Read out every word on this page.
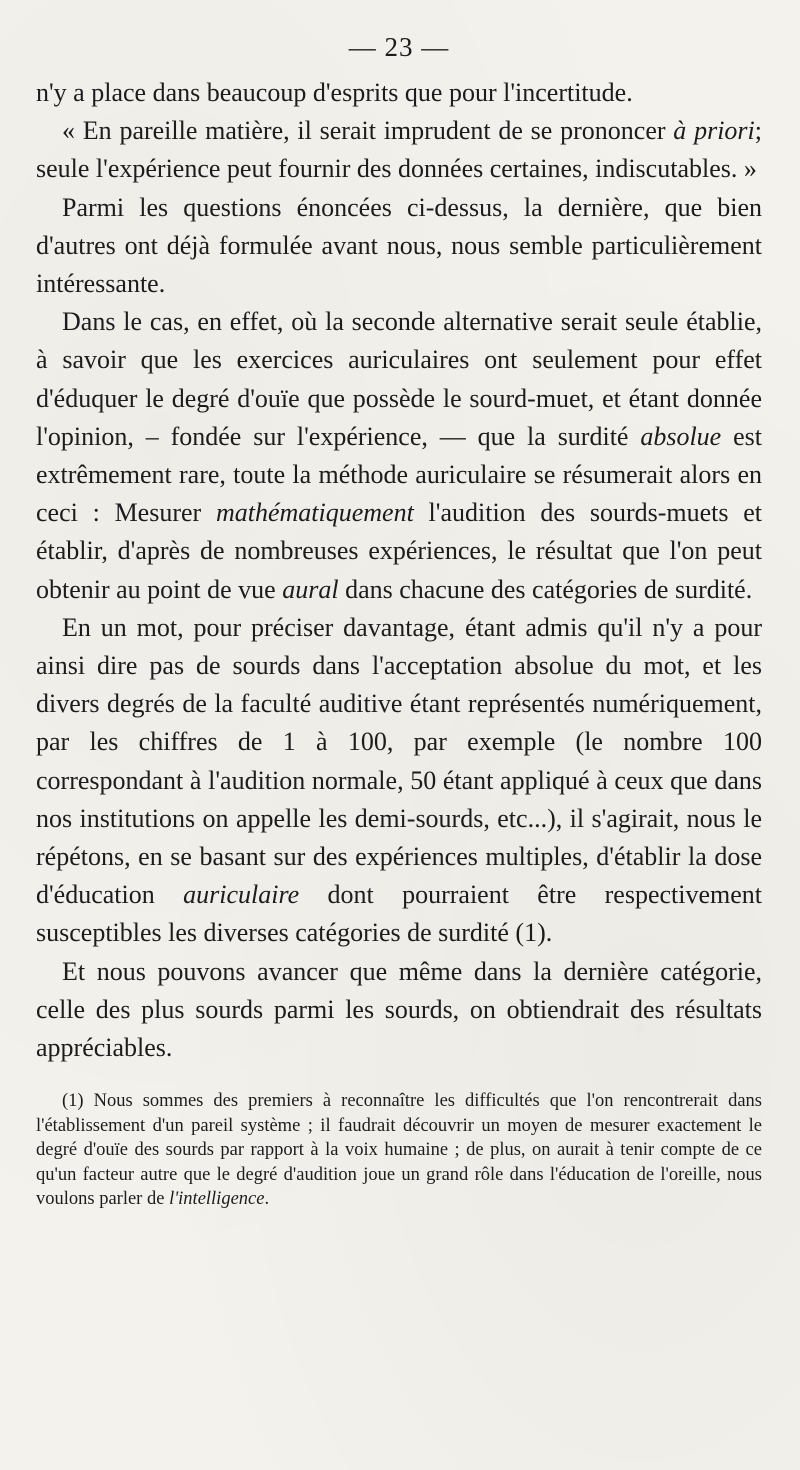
— 23 —

n'y a place dans beaucoup d'esprits que pour l'incertitude.

« En pareille matière, il serait imprudent de se prononcer à priori; seule l'expérience peut fournir des données certaines, indiscutables. »

Parmi les questions énoncées ci-dessus, la dernière, que bien d'autres ont déjà formulée avant nous, nous semble particulièrement intéressante.

Dans le cas, en effet, où la seconde alternative serait seule établie, à savoir que les exercices auriculaires ont seulement pour effet d'éduquer le degré d'ouïe que possède le sourd-muet, et étant donnée l'opinion, – fondée sur l'expérience, — que la surdité absolue est extrêmement rare, toute la méthode auriculaire se résumerait alors en ceci : Mesurer mathématiquement l'audition des sourds-muets et établir, d'après de nombreuses expériences, le résultat que l'on peut obtenir au point de vue aural dans chacune des catégories de surdité.

En un mot, pour préciser davantage, étant admis qu'il n'y a pour ainsi dire pas de sourds dans l'acceptation absolue du mot, et les divers degrés de la faculté auditive étant représentés numériquement, par les chiffres de 1 à 100, par exemple (le nombre 100 correspondant à l'audition normale, 50 étant appliqué à ceux que dans nos institutions on appelle les demi-sourds, etc...), il s'agirait, nous le répétons, en se basant sur des expériences multiples, d'établir la dose d'éducation auriculaire dont pourraient être respectivement susceptibles les diverses catégories de surdité (1).

Et nous pouvons avancer que même dans la dernière catégorie, celle des plus sourds parmi les sourds, on obtiendrait des résultats appréciables.

(1) Nous sommes des premiers à reconnaître les difficultés que l'on rencontrerait dans l'établissement d'un pareil système ; il faudrait découvrir un moyen de mesurer exactement le degré d'ouïe des sourds par rapport à la voix humaine ; de plus, on aurait à tenir compte de ce qu'un facteur autre que le degré d'audition joue un grand rôle dans l'éducation de l'oreille, nous voulons parler de l'intelligence.
